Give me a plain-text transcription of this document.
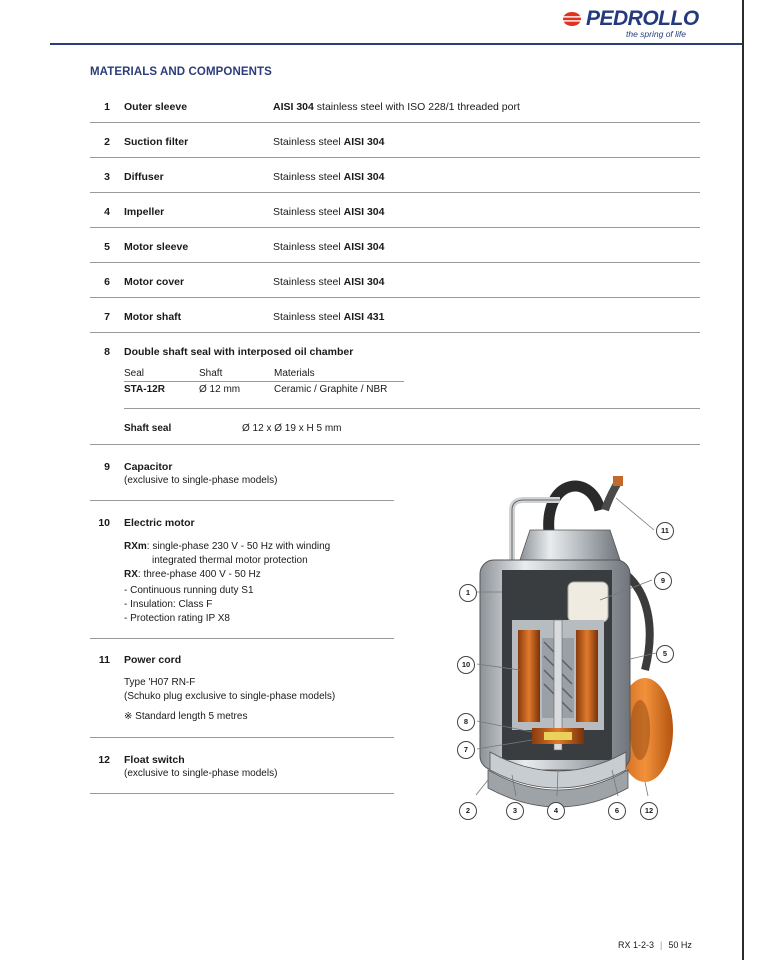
PEDROLLO
the spring of life
MATERIALS AND COMPONENTS
1 Outer sleeve	AISI 304 stainless steel with ISO 228/1 threaded port
2 Suction filter	Stainless steel AISI 304
3 Diffuser	Stainless steel AISI 304
4 Impeller	Stainless steel AISI 304
5 Motor sleeve	Stainless steel AISI 304
6 Motor cover	Stainless steel AISI 304
7 Motor shaft	Stainless steel AISI 431
8 Double shaft seal with interposed oil chamber
Seal	Shaft	Materials
STA-12R	Ø 12 mm	Ceramic / Graphite / NBR
Shaft seal	Ø 12 x Ø 19 x H 5 mm
9 Capacitor
(exclusive to single-phase models)
10 Electric motor
RXm: single-phase 230 V - 50 Hz with winding
integrated thermal motor protection
RX: three-phase 400 V - 50 Hz
- Continuous running duty S1
- Insulation: Class F
- Protection rating IP X8
11 Power cord
Type 'H07 RN-F
(Schuko plug exclusive to single-phase models)
※ Standard length 5 metres
12 Float switch
(exclusive to single-phase models)
1
2	3	4
5
6
7
8
9
10
11
12
RX 1-2-3 | 50 Hz
